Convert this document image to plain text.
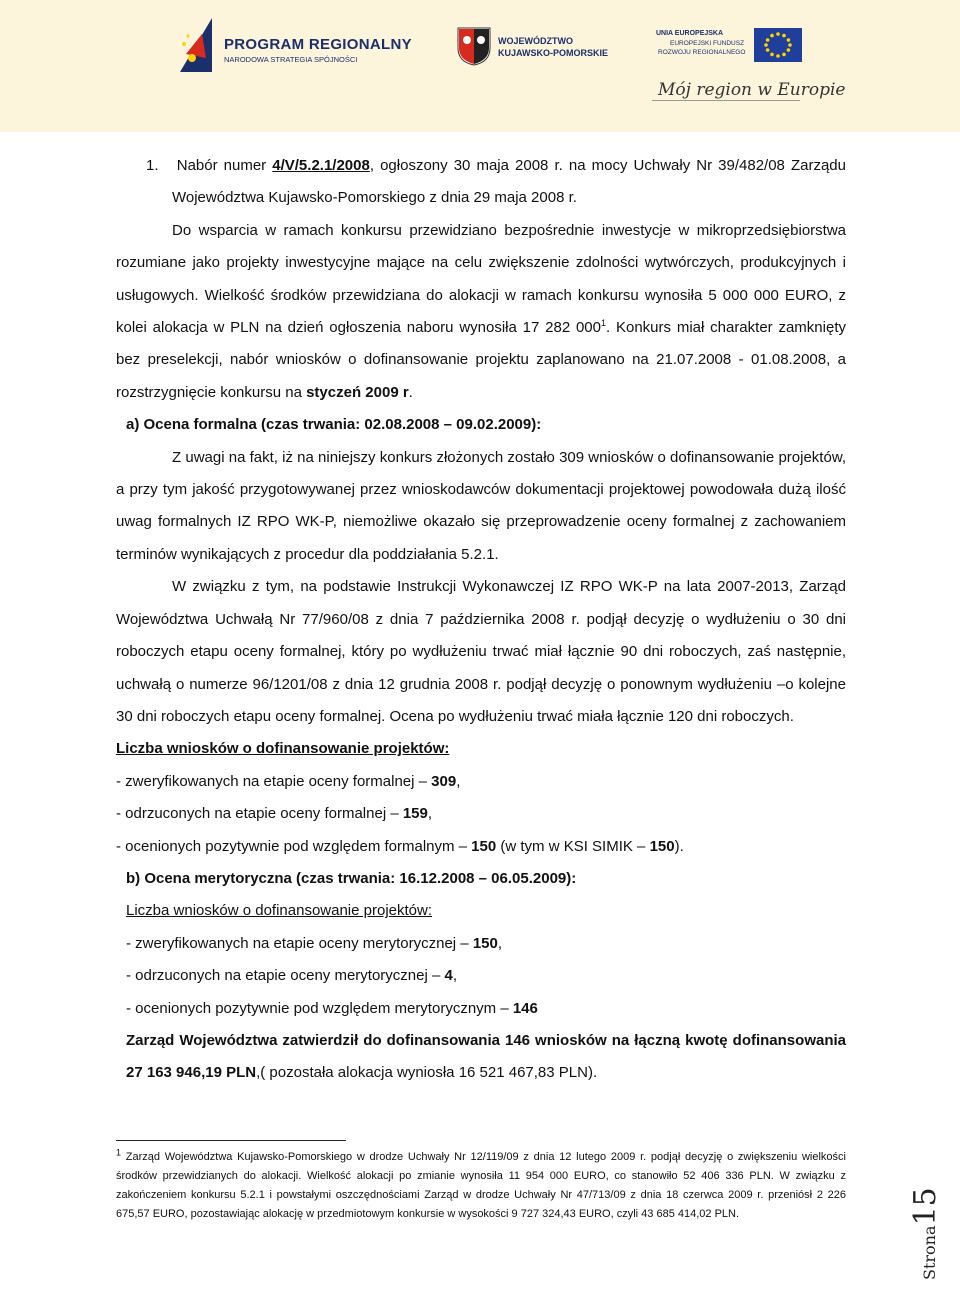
PROGRAM REGIONALNY
NARODOWA STRATEGIA SPÓJNOŚCI
WOJEWÓDZTWO
KUJAWSKO-POMORSKIE
UNIA EUROPEJSKA
EUROPEJSKI FUNDUSZ
ROZWOJU REGIONALNEGO
Mój region w Europie

1. Nabór numer 4/V/5.2.1/2008, ogłoszony 30 maja 2008 r. na mocy Uchwały Nr 39/482/08 Zarządu Województwa Kujawsko-Pomorskiego z dnia 29 maja 2008 r.

Do wsparcia w ramach konkursu przewidziano bezpośrednie inwestycje w mikroprzedsiębiorstwa rozumiane jako projekty inwestycyjne mające na celu zwiększenie zdolności wytwórczych, produkcyjnych i usługowych. Wielkość środków przewidziana do alokacji w ramach konkursu wynosiła 5 000 000 EURO, z kolei alokacja w PLN na dzień ogłoszenia naboru wynosiła 17 282 $000^1$. Konkurs miał charakter zamknięty bez preselekcji, nabór wniosków o dofinansowanie projektu zaplanowano na 21.07.2008 - 01.08.2008, a rozstrzygnięcie konkursu na styczeń 2009 r.

a) Ocena formalna (czas trwania: 02.08.2008 – 09.02.2009):

Z uwagi na fakt, iż na niniejszy konkurs złożonych zostało 309 wniosków o dofinansowanie projektów, a przy tym jakość przygotowywanej przez wnioskodawców dokumentacji projektowej powodowała dużą ilość uwag formalnych IZ RPO WK-P, niemożliwe okazało się przeprowadzenie oceny formalnej z zachowaniem terminów wynikających z procedur dla poddziałania 5.2.1.

W związku z tym, na podstawie Instrukcji Wykonawczej IZ RPO WK-P na lata 2007-2013, Zarząd Województwa Uchwałą Nr 77/960/08 z dnia 7 października 2008 r. podjął decyzję o wydłużeniu o 30 dni roboczych etapu oceny formalnej, który po wydłużeniu trwać miał łącznie 90 dni roboczych, zaś następnie, uchwałą o numerze 96/1201/08 z dnia 12 grudnia 2008 r. podjął decyzję o ponownym wydłużeniu –o kolejne 30 dni roboczych etapu oceny formalnej. Ocena po wydłużeniu trwać miała łącznie 120 dni roboczych.

Liczba wniosków o dofinansowanie projektów:

- zweryfikowanych na etapie oceny formalnej – 309,

- odrzuconych na etapie oceny formalnej – 159,

- ocenionych pozytywnie pod względem formalnym – 150 (w tym w KSI SIMIK – 150).

b) Ocena merytoryczna (czas trwania: 16.12.2008 – 06.05.2009):

Liczba wniosków o dofinansowanie projektów:

- zweryfikowanych na etapie oceny merytorycznej – 150,

- odrzuconych na etapie oceny merytorycznej – 4,

- ocenionych pozytywnie pod względem merytorycznym – 146

Zarząd Województwa zatwierdził do dofinansowania 146 wniosków na łączną kwotę dofinansowania 27 163 946,19 PLN,( pozostała alokacja wyniosła 16 521 467,83 PLN).

$^1$ Zarząd Województwa Kujawsko-Pomorskiego w drodze Uchwały Nr 12/119/09 z dnia 12 lutego 2009 r. podjął decyzję o zwiększeniu wielkości środków przewidzianych do alokacji. Wielkość alokacji po zmianie wynosiła 11 954 000 EURO, co stanowiło 52 406 336 PLN. W związku z zakończeniem konkursu 5.2.1 i powstałymi oszczędnościami Zarząd w drodze Uchwały Nr 47/713/09 z dnia 18 czerwca 2009 r. przeniósł 2 226 675,57 EURO, pozostawiając alokację w przedmiotowym konkursie w wysokości 9 727 324,43 EURO, czyli 43 685 414,02 PLN.
Strona15
